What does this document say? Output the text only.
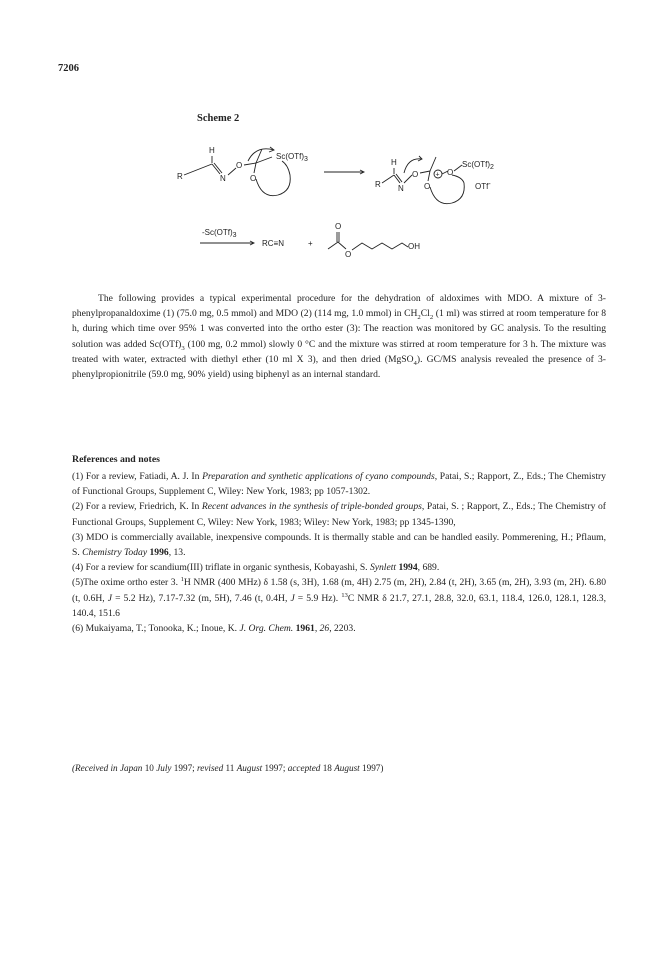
7206
Scheme 2
H
R	N
O
O
Sc(OTf)3	H
R N
O
O
+ O
Sc(OTf)2
OTf-
-Sc(OTf)3
RC≡N	+
O
O
OH

The following provides a typical experimental procedure for the dehydration of aldoximes with MDO. A mixture of 3-phenylpropanaldoxime (1) (75.0 mg, 0.5 mmol) and MDO (2) (114 mg, 1.0 mmol) in $CH_2Cl_2$ (1 ml) was stirred at room temperature for 8 h, during which time over 95% 1 was converted into the ortho ester (3): The reaction was monitored by GC analysis. To the resulting solution was added $Sc(OTf)_3$ (100 mg, 0.2 mmol) slowly 0 °C and the mixture was stirred at room temperature for 3 h. The mixture was treated with water, extracted with diethyl ether (10 ml X 3), and then dried (MgSO$_4$). GC/MS analysis revealed the presence of 3-phenylpropionitrile (59.0 mg, 90% yield) using biphenyl as an internal standard.

References and notes

(1) For a review, Fatiadi, A. J. In Preparation and synthetic applications of cyano compounds, Patai, S.; Rapport, Z., Eds.; The Chemistry of Functional Groups, Supplement C, Wiley: New York, 1983; pp 1057-1302.

(2) For a review, Friedrich, K. In Recent advances in the synthesis of triple-bonded groups, Patai, S. ; Rapport, Z., Eds.; The Chemistry of Functional Groups, Supplement C, Wiley: New York, 1983; Wiley: New York, 1983; pp 1345-1390,

(3) MDO is commercially available, inexpensive compounds. It is thermally stable and can be handled easily. Pommerening, H.; Pflaum, S. Chemistry Today 1996, 13.

(4) For a review for scandium(III) triflate in organic synthesis, Kobayashi, S. Synlett 1994, 689.

(5)The oxime ortho ester 3. $^1$H NMR (400 MHz) δ 1.58 (s, 3H), 1.68 (m, 4H) 2.75 (m, 2H), 2.84 (t, 2H), 3.65 (m, 2H), 3.93 (m, 2H). 6.80 (t, 0.6H, J = 5.2 Hz), 7.17-7.32 (m, 5H), 7.46 (t, 0.4H, J = 5.9 Hz). $^{13}$C NMR δ 21.7, 27.1, 28.8, 32.0, 63.1, 118.4, 126.0, 128.1, 128.3, 140.4, 151.6

(6) Mukaiyama, T.; Tonooka, K.; Inoue, K. J. Org. Chem. 1961, 26, 2203.

(Received in Japan 10 July 1997; revised 11 August 1997; accepted 18 August 1997)
